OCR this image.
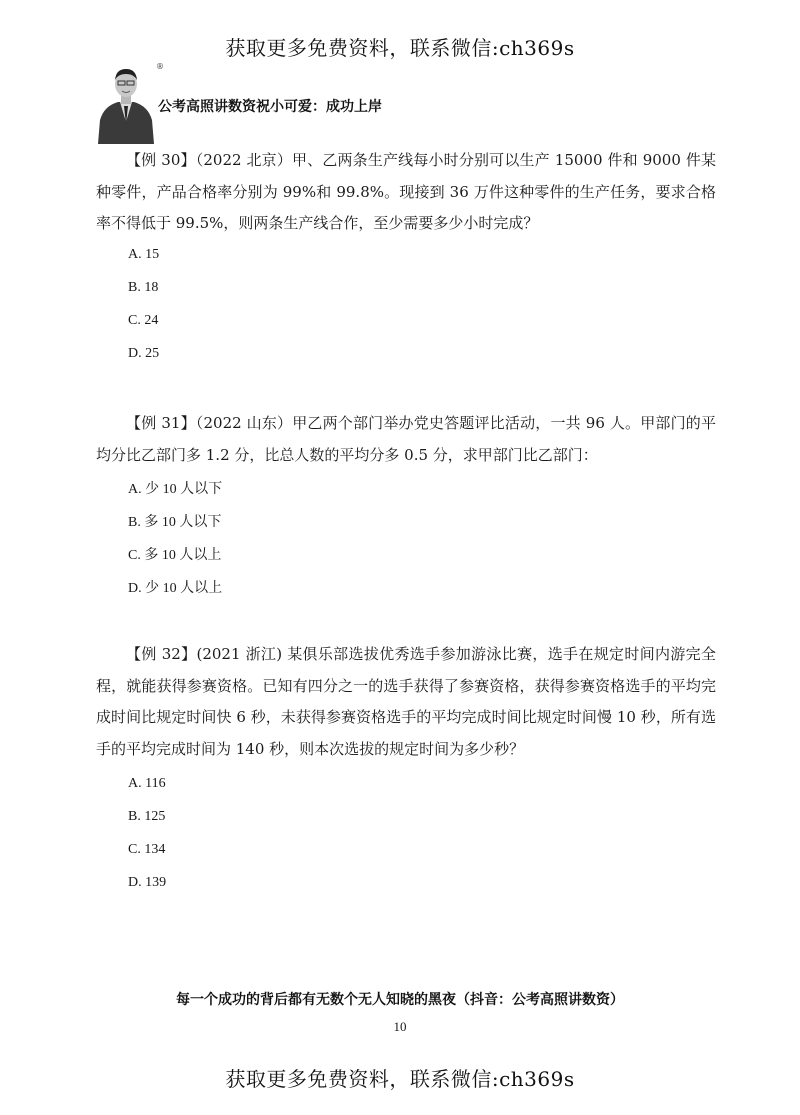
获取更多免费资料，联系微信:ch369s
®
公考高照讲数资祝小可爱：成功上岸

【例 30】（2022 北京）甲、乙两条生产线每小时分别可以生产 15000 件和 9000 件某种零件，产品合格率分别为 99%和 99.8%。现接到 36 万件这种零件的生产任务，要求合格率不得低于 99.5%，则两条生产线合作，至少需要多少小时完成？

A. 15
B. 18
C. 24
D. 25

【例 31】（2022 山东）甲乙两个部门举办党史答题评比活动，一共 96 人。甲部门的平均分比乙部门多 1.2 分，比总人数的平均分多 0.5 分，求甲部门比乙部门：

A. 少 10 人以下
B. 多 10 人以下
C. 多 10 人以上
D. 少 10 人以上

【例 32】(2021 浙江) 某俱乐部选拔优秀选手参加游泳比赛，选手在规定时间内游完全程，就能获得参赛资格。已知有四分之一的选手获得了参赛资格，获得参赛资格选手的平均完成时间比规定时间快 6 秒，未获得参赛资格选手的平均完成时间比规定时间慢 10 秒，所有选手的平均完成时间为 140 秒，则本次选拔的规定时间为多少秒？

A. 116
B. 125
C. 134
D. 139
每一个成功的背后都有无数个无人知晓的黑夜（抖音：公考高照讲数资）
10
获取更多免费资料，联系微信:ch369s
